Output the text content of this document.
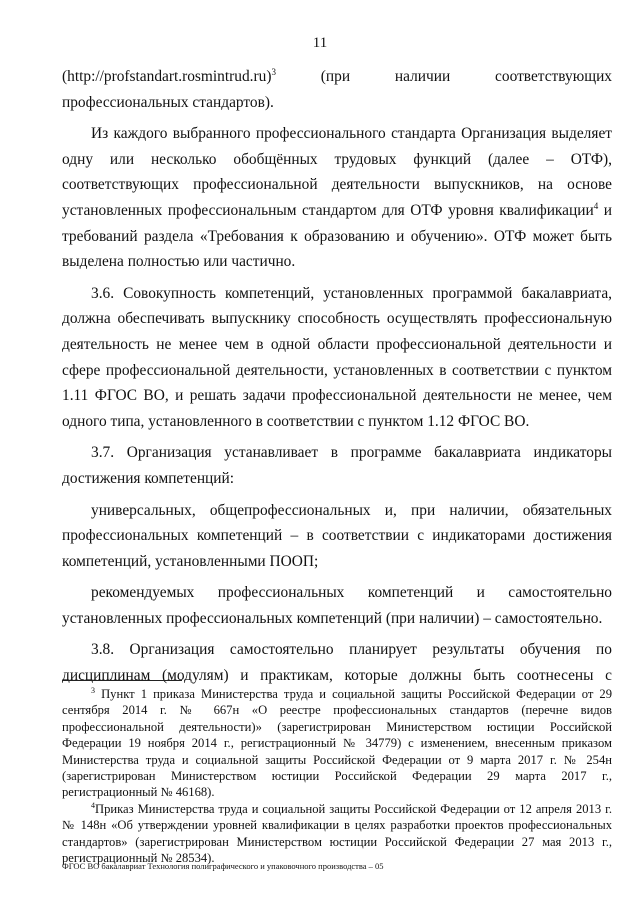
11

(http://profstandart.rosmintrud.ru)$^3$ (при наличии соответствующих профессиональных стандартов).

Из каждого выбранного профессионального стандарта Организация выделяет одну или несколько обобщённых трудовых функций (далее – ОТФ), соответствующих профессиональной деятельности выпускников, на основе установленных профессиональным стандартом для ОТФ уровня квалификации$^4$ и требований раздела «Требования к образованию и обучению». ОТФ может быть выделена полностью или частично.

3.6. Совокупность компетенций, установленных программой бакалавриата, должна обеспечивать выпускнику способность осуществлять профессиональную деятельность не менее чем в одной области профессиональной деятельности и сфере профессиональной деятельности, установленных в соответствии с пунктом 1.11 ФГОС ВО, и решать задачи профессиональной деятельности не менее, чем одного типа, установленного в соответствии с пунктом 1.12 ФГОС ВО.

3.7. Организация устанавливает в программе бакалавриата индикаторы достижения компетенций:

универсальных, общепрофессиональных и, при наличии, обязательных профессиональных компетенций – в соответствии с индикаторами достижения компетенций, установленными ПООП;

рекомендуемых профессиональных компетенций и самостоятельно установленных профессиональных компетенций (при наличии) – самостоятельно.

3.8. Организация самостоятельно планирует результаты обучения по дисциплинам (модулям) и практикам, которые должны быть соотнесены с

$^3$ Пункт 1 приказа Министерства труда и социальной защиты Российской Федерации от 29 сентября 2014 г. № 667н «О реестре профессиональных стандартов (перечне видов профессиональной деятельности)» (зарегистрирован Министерством юстиции Российской Федерации 19 ноября 2014 г., регистрационный № 34779) с изменением, внесенным приказом Министерства труда и социальной защиты Российской Федерации от 9 марта 2017 г. № 254н (зарегистрирован Министерством юстиции Российской Федерации 29 марта 2017 г., регистрационный № 46168).

$^4$Приказ Министерства труда и социальной защиты Российской Федерации от 12 апреля 2013 г. № 148н «Об утверждении уровней квалификации в целях разработки проектов профессиональных стандартов» (зарегистрирован Министерством юстиции Российской Федерации 27 мая 2013 г., регистрационный № 28534).

ФГОС ВО бакалавриат Технология полиграфического и упаковочного производства – 05
